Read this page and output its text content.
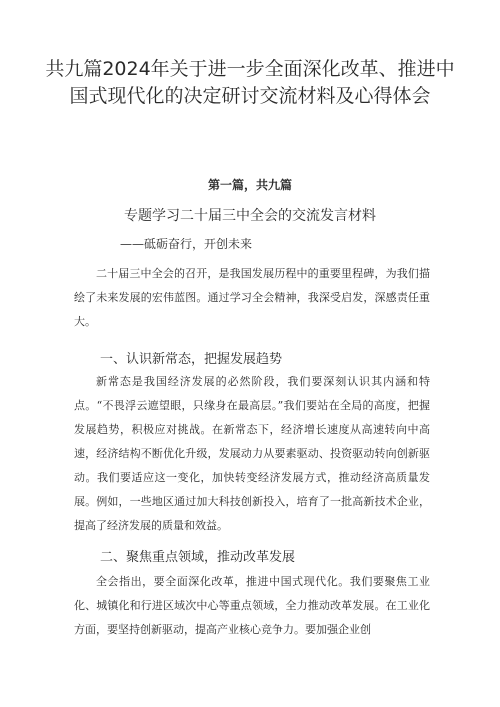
共九篇2024年关于进一步全面深化改革、推进中国式现代化的决定研讨交流材料及心得体会

第一篇，共九篇

专题学习二十届三中全会的交流发言材料

——砥砺奋行，开创未来

二十届三中全会的召开，是我国发展历程中的重要里程碑，为我们描绘了未来发展的宏伟蓝图。通过学习全会精神，我深受启发，深感责任重大。

一、认识新常态，把握发展趋势

新常态是我国经济发展的必然阶段，我们要深刻认识其内涵和特点。“不畏浮云遮望眼，只缘身在最高层。”我们要站在全局的高度，把握发展趋势，积极应对挑战。在新常态下，经济增长速度从高速转向中高速，经济结构不断优化升级，发展动力从要素驱动、投资驱动转向创新驱动。我们要适应这一变化，加快转变经济发展方式，推动经济高质量发展。例如，一些地区通过加大科技创新投入，培育了一批高新技术企业，提高了经济发展的质量和效益。

二、聚焦重点领域，推动改革发展

全会指出，要全面深化改革，推进中国式现代化。我们要聚焦工业化、城镇化和行进区域次中心等重点领域，全力推动改革发展。在工业化方面，要坚持创新驱动，提高产业核心竞争力。要加强企业创
